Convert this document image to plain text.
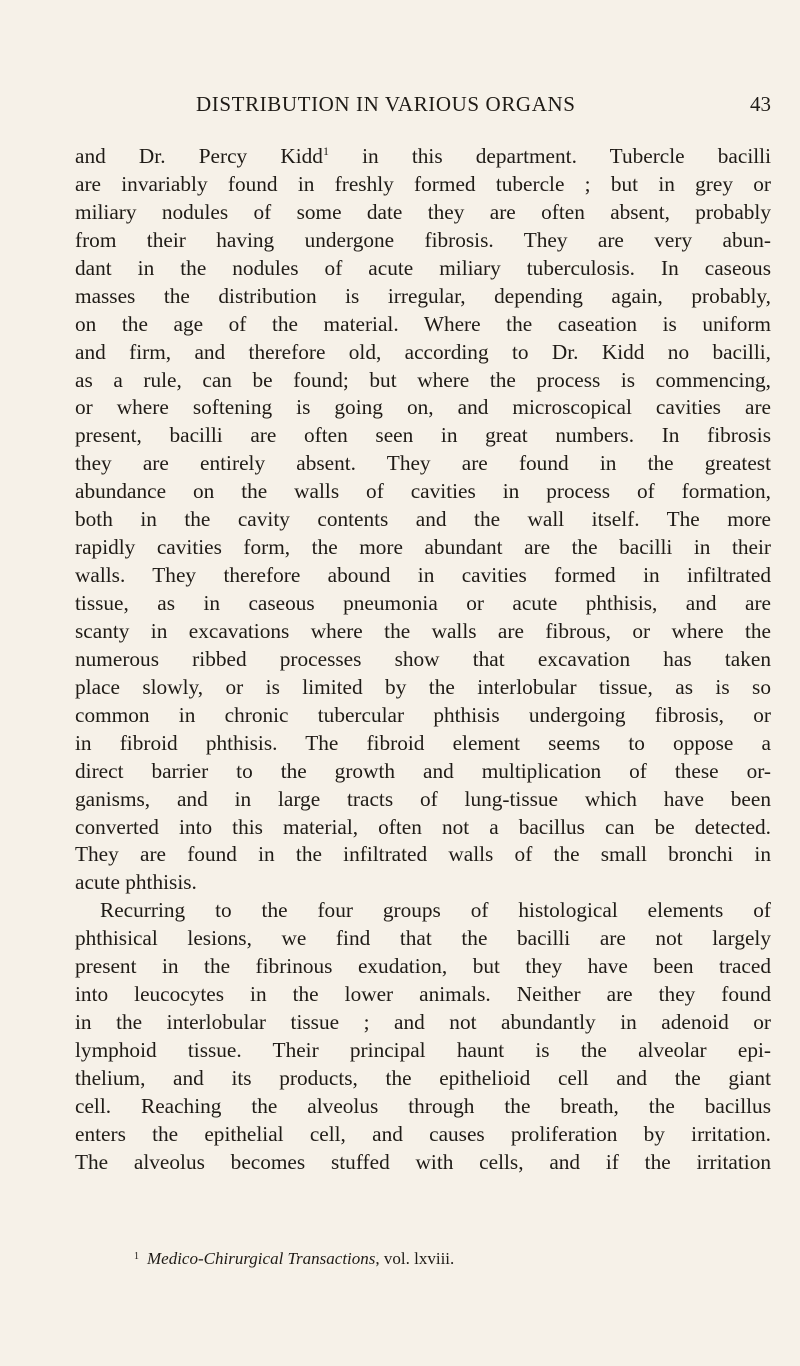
DISTRIBUTION IN VARIOUS ORGANS	43
and Dr. Percy Kidd$^1$ in this department. Tubercle bacilli
are invariably found in freshly formed tubercle ; but in grey or
miliary nodules of some date they are often absent, probably
from their having undergone fibrosis. They are very abun-
dant in the nodules of acute miliary tuberculosis. In caseous
masses the distribution is irregular, depending again, probably,
on the age of the material. Where the caseation is uniform
and firm, and therefore old, according to Dr. Kidd no bacilli,
as a rule, can be found; but where the process is commencing,
or where softening is going on, and microscopical cavities are
present, bacilli are often seen in great numbers. In fibrosis
they are entirely absent. They are found in the greatest
abundance on the walls of cavities in process of formation,
both in the cavity contents and the wall itself. The more
rapidly cavities form, the more abundant are the bacilli in their
walls. They therefore abound in cavities formed in infiltrated
tissue, as in caseous pneumonia or acute phthisis, and are
scanty in excavations where the walls are fibrous, or where the
numerous ribbed processes show that excavation has taken
place slowly, or is limited by the interlobular tissue, as is so
common in chronic tubercular phthisis undergoing fibrosis, or
in fibroid phthisis. The fibroid element seems to oppose a
direct barrier to the growth and multiplication of these or-
ganisms, and in large tracts of lung-tissue which have been
converted into this material, often not a bacillus can be detected.
They are found in the infiltrated walls of the small bronchi in
acute phthisis.
Recurring to the four groups of histological elements of
phthisical lesions, we find that the bacilli are not largely
present in the fibrinous exudation, but they have been traced
into leucocytes in the lower animals. Neither are they found
in the interlobular tissue ; and not abundantly in adenoid or
lymphoid tissue. Their principal haunt is the alveolar epi-
thelium, and its products, the epithelioid cell and the giant
cell. Reaching the alveolus through the breath, the bacillus
enters the epithelial cell, and causes proliferation by irritation.
The alveolus becomes stuffed with cells, and if the irritation
$^1$ Medico-Chirurgical Transactions, vol. lxviii.
